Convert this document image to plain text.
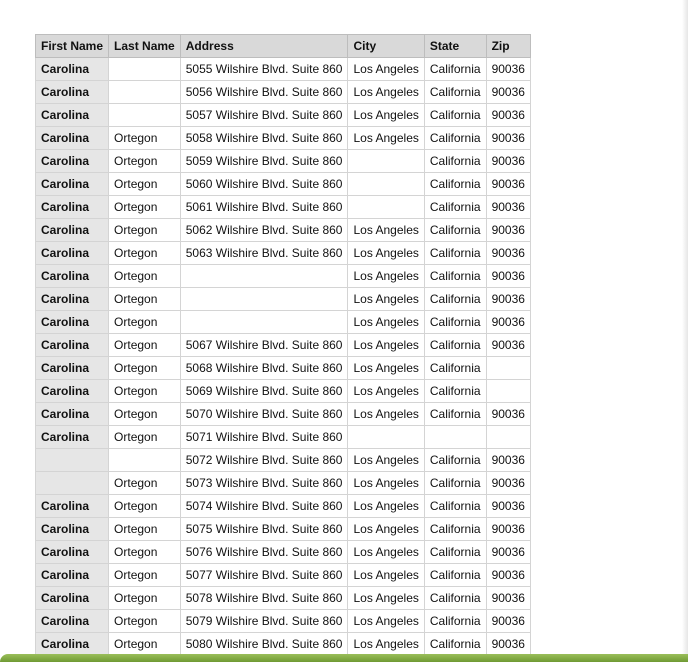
First Name	Last Name	Address	City	State	Zip
Carolina		5055 Wilshire Blvd. Suite 860	Los Angeles	California	90036
Carolina		5056 Wilshire Blvd. Suite 860	Los Angeles	California	90036
Carolina		5057 Wilshire Blvd. Suite 860	Los Angeles	California	90036
Carolina	Ortegon	5058 Wilshire Blvd. Suite 860	Los Angeles	California	90036
Carolina	Ortegon	5059 Wilshire Blvd. Suite 860		California	90036
Carolina	Ortegon	5060 Wilshire Blvd. Suite 860		California	90036
Carolina	Ortegon	5061 Wilshire Blvd. Suite 860		California	90036
Carolina	Ortegon	5062 Wilshire Blvd. Suite 860	Los Angeles	California	90036
Carolina	Ortegon	5063 Wilshire Blvd. Suite 860	Los Angeles	California	90036
Carolina	Ortegon		Los Angeles	California	90036
Carolina	Ortegon		Los Angeles	California	90036
Carolina	Ortegon		Los Angeles	California	90036
Carolina	Ortegon	5067 Wilshire Blvd. Suite 860	Los Angeles	California	90036
Carolina	Ortegon	5068 Wilshire Blvd. Suite 860	Los Angeles	California	
Carolina	Ortegon	5069 Wilshire Blvd. Suite 860	Los Angeles	California	
Carolina	Ortegon	5070 Wilshire Blvd. Suite 860	Los Angeles	California	90036
Carolina	Ortegon	5071 Wilshire Blvd. Suite 860			
		5072 Wilshire Blvd. Suite 860	Los Angeles	California	90036
	Ortegon	5073 Wilshire Blvd. Suite 860	Los Angeles	California	90036
Carolina	Ortegon	5074 Wilshire Blvd. Suite 860	Los Angeles	California	90036
Carolina	Ortegon	5075 Wilshire Blvd. Suite 860	Los Angeles	California	90036
Carolina	Ortegon	5076 Wilshire Blvd. Suite 860	Los Angeles	California	90036
Carolina	Ortegon	5077 Wilshire Blvd. Suite 860	Los Angeles	California	90036
Carolina	Ortegon	5078 Wilshire Blvd. Suite 860	Los Angeles	California	90036
Carolina	Ortegon	5079 Wilshire Blvd. Suite 860	Los Angeles	California	90036
Carolina	Ortegon	5080 Wilshire Blvd. Suite 860	Los Angeles	California	90036
